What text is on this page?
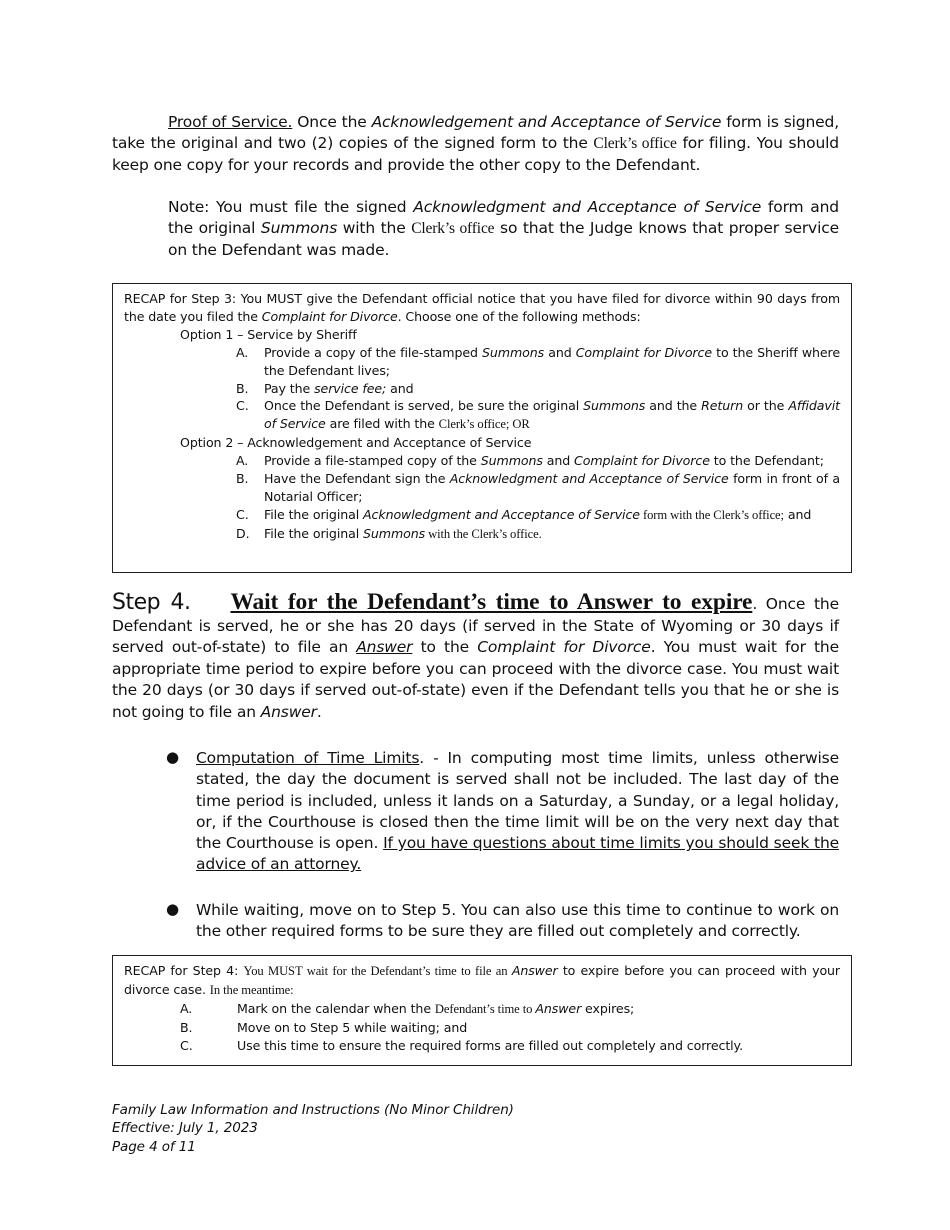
Proof of Service. Once the Acknowledgement and Acceptance of Service form is signed, take the original and two (2) copies of the signed form to the Clerk’s office for filing. You should keep one copy for your records and provide the other copy to the Defendant.
Note: You must file the signed Acknowledgment and Acceptance of Service form and the original Summons with the Clerk’s office so that the Judge knows that proper service on the Defendant was made.
RECAP for Step 3: You MUST give the Defendant official notice that you have filed for divorce within 90 days from the date you filed the Complaint for Divorce. Choose one of the following methods:
Option 1 – Service by Sheriff
A. Provide a copy of the file-stamped Summons and Complaint for Divorce to the Sheriff where the Defendant lives;
B. Pay the service fee; and
C. Once the Defendant is served, be sure the original Summons and the Return or the Affidavit of Service are filed with the Clerk’s office; OR
Option 2 – Acknowledgement and Acceptance of Service
A. Provide a file-stamped copy of the Summons and Complaint for Divorce to the Defendant;
B. Have the Defendant sign the Acknowledgment and Acceptance of Service form in front of a Notarial Officer;
C. File the original Acknowledgment and Acceptance of Service form with the Clerk’s office; and
D. File the original Summons with the Clerk’s office.
Step 4. Wait for the Defendant’s time to Answer to expire. Once the Defendant is served, he or she has 20 days (if served in the State of Wyoming or 30 days if served out-of-state) to file an Answer to the Complaint for Divorce. You must wait for the appropriate time period to expire before you can proceed with the divorce case. You must wait the 20 days (or 30 days if served out-of-state) even if the Defendant tells you that he or she is not going to file an Answer.
● Computation of Time Limits. - In computing most time limits, unless otherwise stated, the day the document is served shall not be included. The last day of the time period is included, unless it lands on a Saturday, a Sunday, or a legal holiday, or, if the Courthouse is closed then the time limit will be on the very next day that the Courthouse is open. If you have questions about time limits you should seek the advice of an attorney.
● While waiting, move on to Step 5. You can also use this time to continue to work on the other required forms to be sure they are filled out completely and correctly.
RECAP for Step 4: You MUST wait for the Defendant’s time to file an Answer to expire before you can proceed with your divorce case. In the meantime:
A.	Mark on the calendar when the Defendant’s time to Answer expires;
B.	Move on to Step 5 while waiting; and
C.	Use this time to ensure the required forms are filled out completely and correctly.
Family Law Information and Instructions (No Minor Children)
Effective: July 1, 2023
Page 4 of 11
